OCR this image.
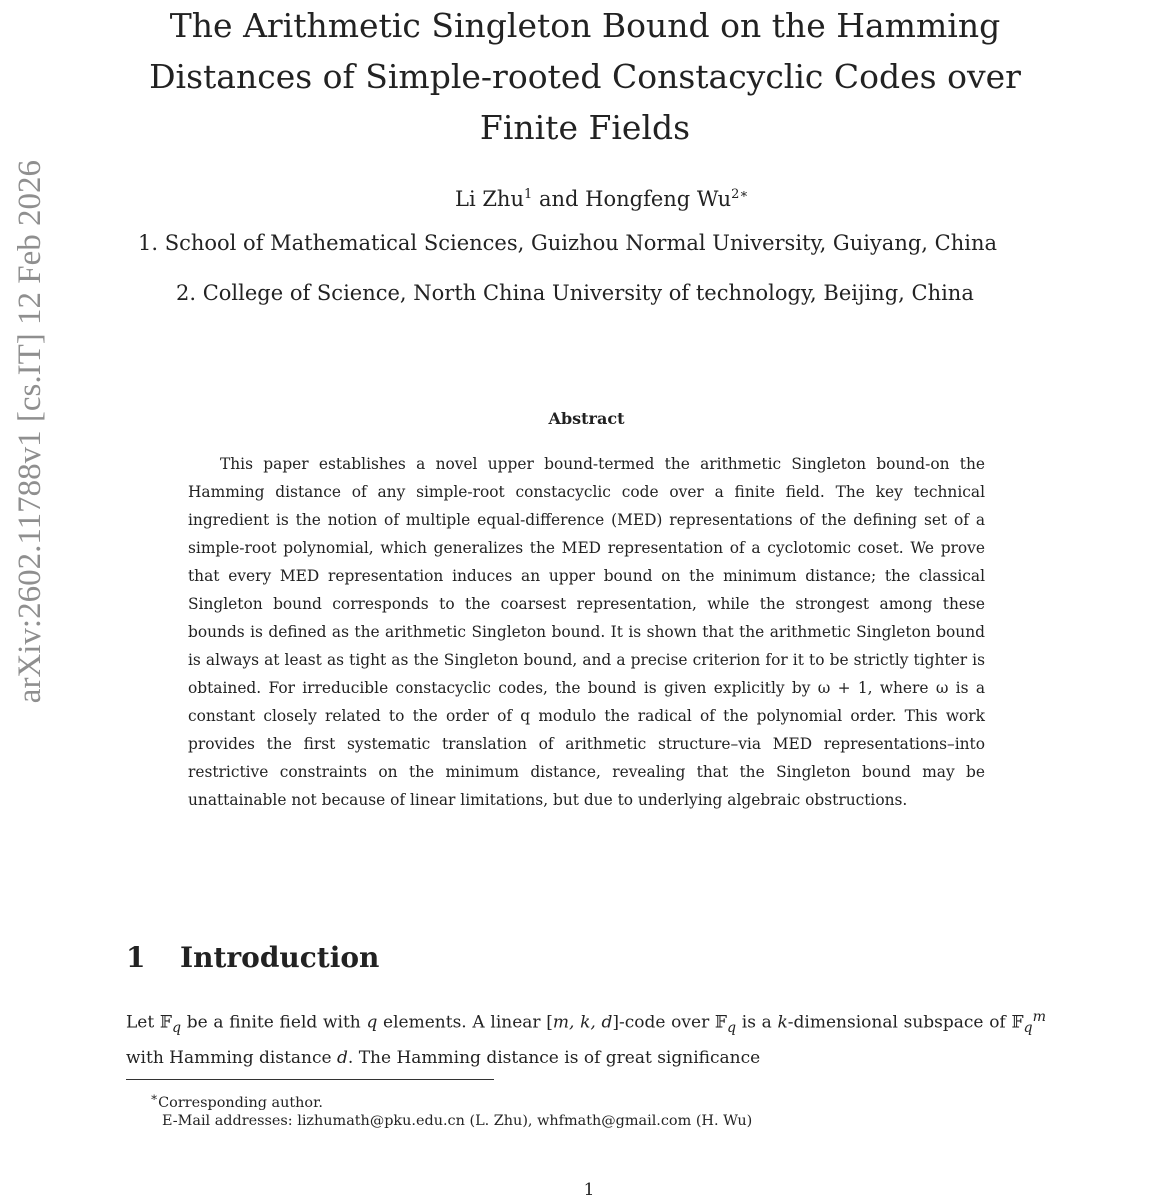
arXiv:2602.11788v1 [cs.IT] 12 Feb 2026
The Arithmetic Singleton Bound on the Hamming Distances of Simple-rooted Constacyclic Codes over Finite Fields
Li Zhu$^1$ and Hongfeng $Wu^{2∗}$
1. School of Mathematical Sciences, Guizhou Normal University, Guiyang, China
2. College of Science, North China University of technology, Beijing, China
Abstract
This paper establishes a novel upper bound-termed the arithmetic Singleton bound-on the Hamming distance of any simple-root constacyclic code over a finite field. The key technical ingredient is the notion of multiple equal-difference (MED) representations of the defining set of a simple-root polynomial, which generalizes the MED representation of a cyclotomic coset. We prove that every MED representation induces an upper bound on the minimum distance; the classical Singleton bound corresponds to the coarsest representation, while the strongest among these bounds is defined as the arithmetic Singleton bound. It is shown that the arithmetic Singleton bound is always at least as tight as the Singleton bound, and a precise criterion for it to be strictly tighter is obtained. For irreducible constacyclic codes, the bound is given explicitly by ω + 1, where ω is a constant closely related to the order of q modulo the radical of the polynomial order. This work provides the first systematic translation of arithmetic structure–via MED representations–into restrictive constraints on the minimum distance, revealing that the Singleton bound may be unattainable not because of linear limitations, but due to underlying algebraic obstructions.
1 Introduction
Let 𝔽$_q$ be a finite field with q elements. A linear [m, k, d]-code over 𝔽$_q$ is a k-dimensional subspace of 𝔽$_q^m$ with Hamming distance d. The Hamming distance is of great significance
∗Corresponding author.
E-Mail addresses: lizhumath@pku.edu.cn (L. Zhu), whfmath@gmail.com (H. Wu)
1
